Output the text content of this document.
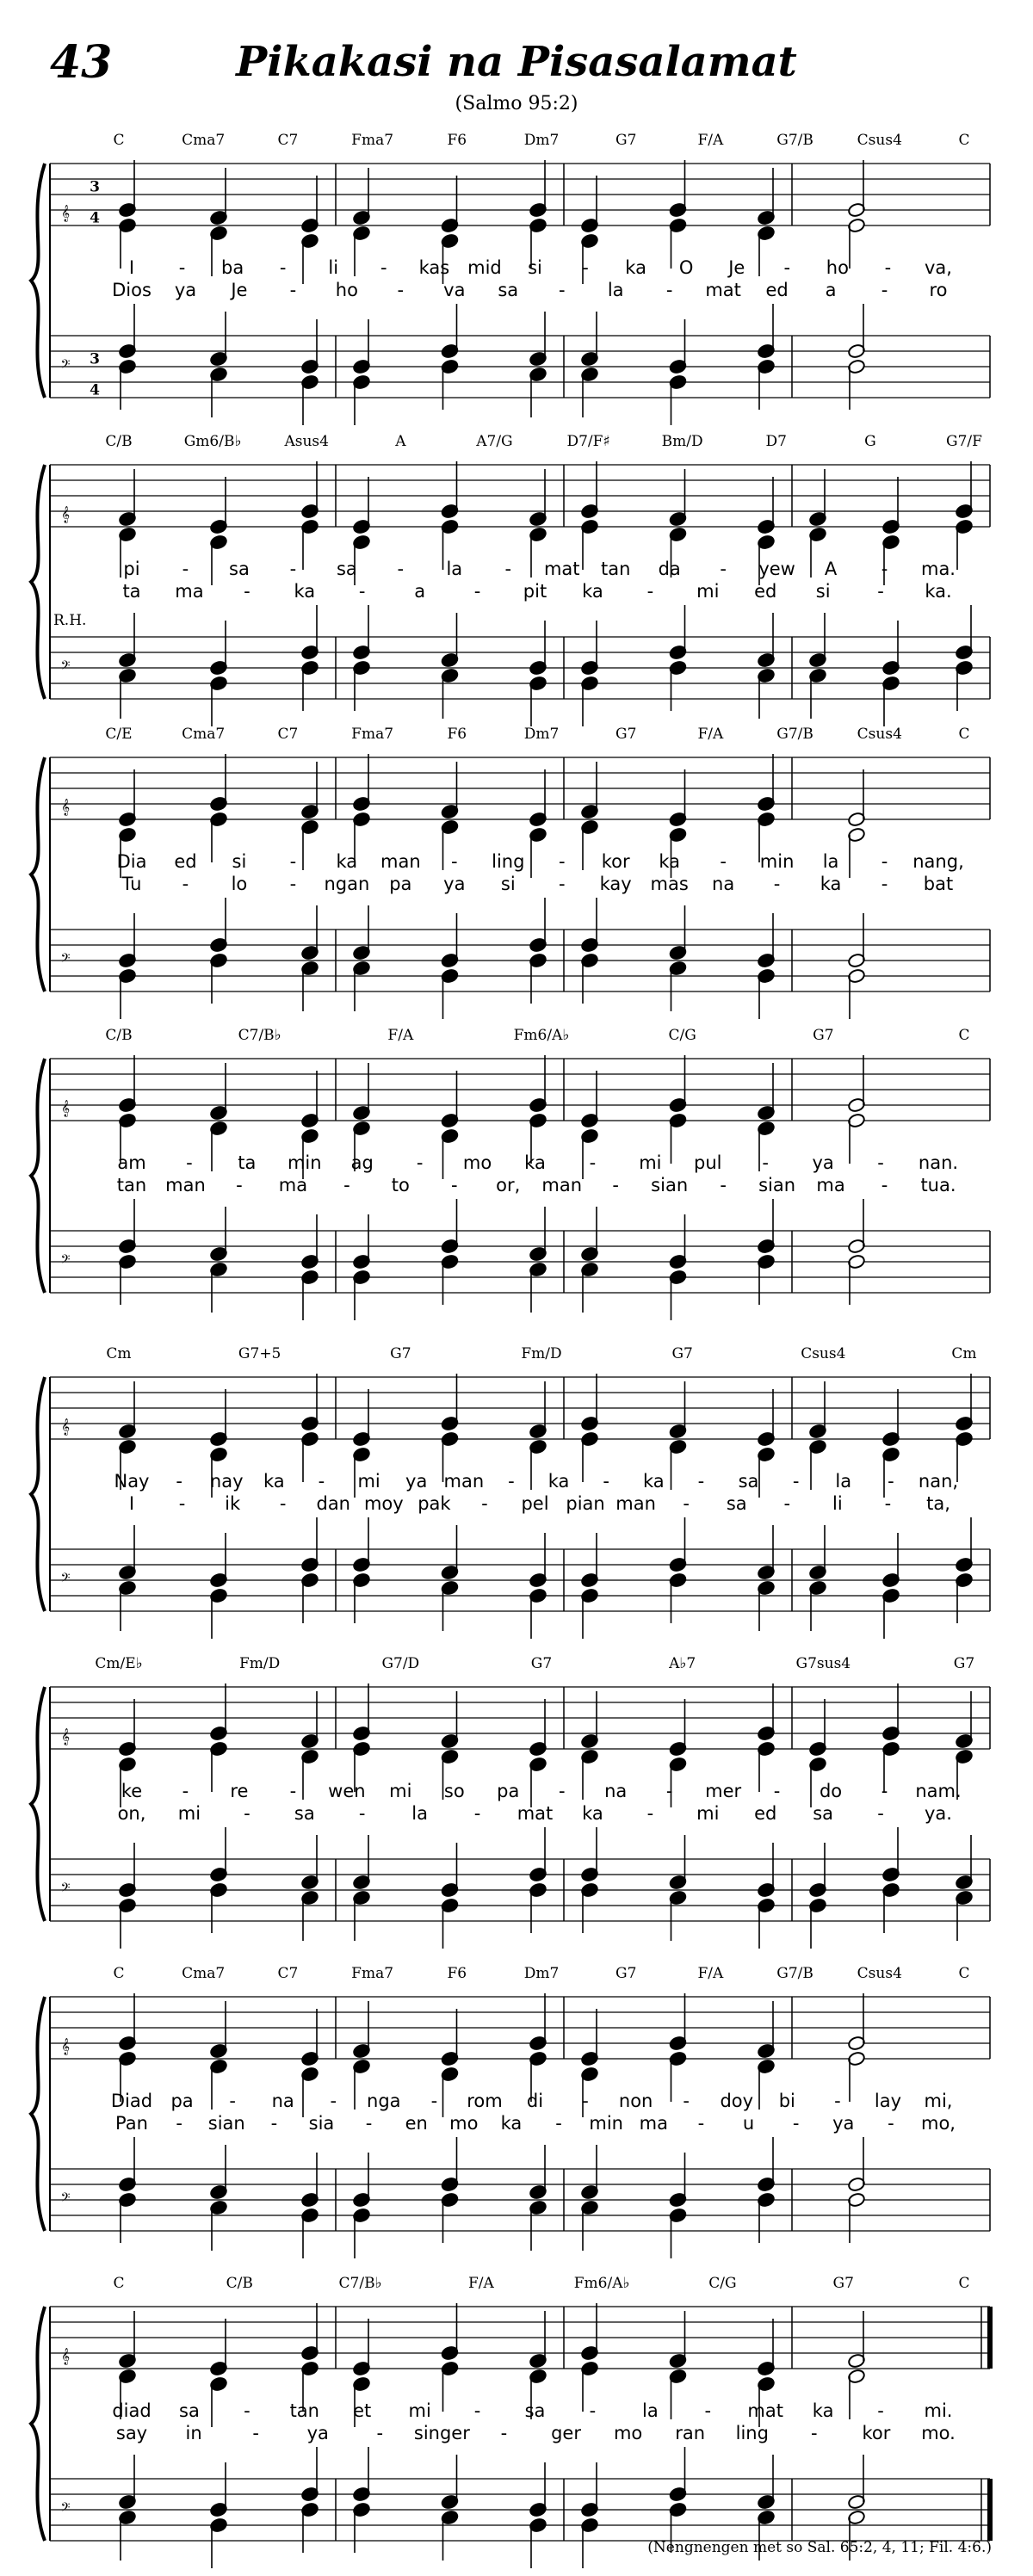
43	Pikakasi na Pisasalamat
(Salmo 95:2)
C	Cma7	C7	Fma7	F6	Dm7	G7	F/A	G7/B	Csus4	C
𝄞
𝄢
3
4
3
4
I - ba - li - kas mid si - ka O Je - ho - va,
Dios ya Je - ho - va sa - la - mat ed a - ro
C/B	Gm6/B♭	Asus4	A	A7/G	D7/F♯	Bm/D	D7	G	G7/F
𝄞
𝄢
R.H.
pi - sa - sa - la - mat tan da - yew A - ma.
ta ma - ka -	a	- pit ka - mi ed si	- ka.
C/E	Cma7	C7	Fma7	F6	Dm7	G7	F/A	G7/B	Csus4	C
𝄞
𝄢
Dia ed si - ka man - ling - kor ka - min la - nang,
Tu - lo - ngan pa ya si - kay mas na - ka - bat
C/B	C7/B♭	F/A	Fm6/A♭	C/G	G7	C
𝄞
𝄢
am -	ta min ag - mo ka - mi pul - ya - nan.
tan man - ma - to - or, man - sian - sian ma - tua.
Cm	G7+5	G7	Fm/D	G7	Csus4	Cm
𝄞
𝄢
Nay - nay ka - mi ya man - ka - ka - sa - la - nan,
I - ik - dan moy pak - pel pian man - sa - li - ta,
Cm/E♭	Fm/D	G7/D	G7	A♭7	G7sus4	G7
𝄞
𝄢
ke - re - wen mi so pa - na - mer - do - nam.
on, mi - sa -	la	- mat ka - mi ed sa - ya.
C	Cma7	C7	Fma7	F6	Dm7	G7	F/A	G7/B	Csus4	C
𝄞
𝄢
Diad pa - na - nga - rom di - non - doy bi - lay mi,
Pan - sian - sia - en mo ka - min ma - u - ya - mo,
C	C/B	C7/B♭	F/A	Fm6/A♭	C/G	G7	C
𝄞
𝄢
diad sa - tan et mi - sa -	la	- mat ka - mi.
say in	-	ya	- singer - ger mo ran ling - kor mo.
(Nengnengen met so Sal. 65:2, 4, 11; Fil. 4:6.)
